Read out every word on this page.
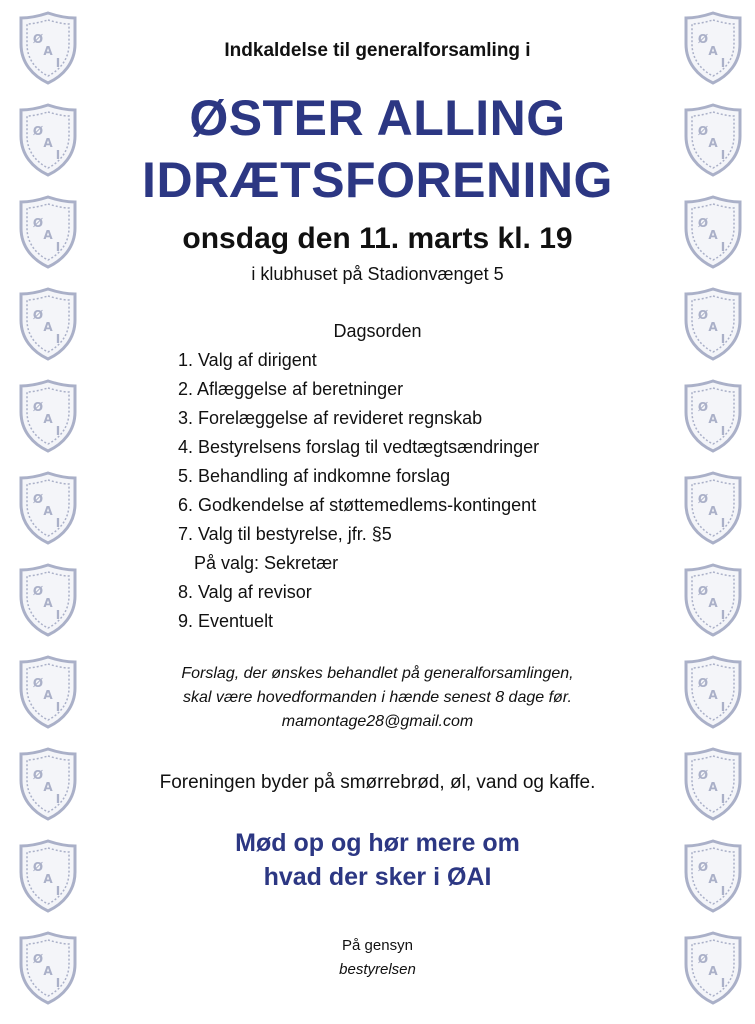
Indkaldelse til generalforsamling i
ØSTER ALLING
IDRÆTSFORENING
onsdag den 11. marts kl. 19
i klubhuset på Stadionvænget 5
Dagsorden
1. Valg af dirigent
2. Aflæggelse af beretninger
3. Forelæggelse af revideret regnskab
4. Bestyrelsens forslag til vedtægtsændringer
5. Behandling af indkomne forslag
6. Godkendelse af støttemedlems-kontingent
7. Valg til bestyrelse, jfr. §5
På valg: Sekretær
8. Valg af revisor
9. Eventuelt
Forslag, der ønskes behandlet på generalforsamlingen,
skal være hovedformanden i hænde senest 8 dage før.
mamontage28@gmail.com
Foreningen byder på smørrebrød, øl, vand og kaffe.
Mød op og hør mere om
hvad der sker i ØAI
På gensyn
bestyrelsen
